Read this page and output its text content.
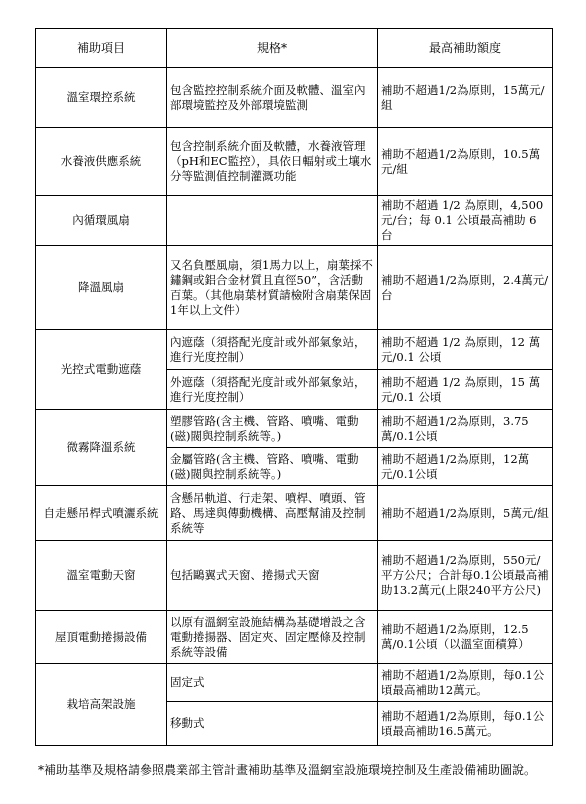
補助項目	規格*	最高補助額度
溫室環控系統	包含監控控制系統介面及軟體、溫室內部環境監控及外部環境監測	補助不超過1/2為原則，15萬元/組
水養液供應系統	包含控制系統介面及軟體，水養液管理（pH和EC監控），具依日輻射或土壤水分等監測值控制灌溉功能	補助不超過1/2為原則，10.5萬元/組
內循環風扇		補助不超過 1/2 為原則，4,500 元/台；每 0.1 公頃最高補助 6 台
降溫風扇	又名負壓風扇，須1馬力以上，扇葉採不鏽鋼或鋁合金材質且直徑50”，含活動百葉。（其他扇葉材質請檢附含扇葉保固1年以上文件）	補助不超過1/2為原則，2.4萬元/台
光控式電動遮蔭	內遮蔭（須搭配光度計或外部氣象站，進行光度控制）	補助不超過 1/2 為原則，12 萬元/0.1 公頃
	外遮蔭（須搭配光度計或外部氣象站，進行光度控制）	補助不超過 1/2 為原則，15 萬元/0.1 公頃
微霧降溫系統	塑膠管路(含主機、管路、噴嘴、電動(磁)閥與控制系統等。)	補助不超過1/2為原則，3.75萬/0.1公頃
	金屬管路(含主機、管路、噴嘴、電動(磁)閥與控制系統等。)	補助不超過1/2為原則，12萬元/0.1公頃
自走懸吊桿式噴灑系統	含懸吊軌道、行走架、噴桿、噴頭、管路、馬達與傳動機構、高壓幫浦及控制系統等	補助不超過1/2為原則，5萬元/組
溫室電動天窗	包括鷗翼式天窗、捲揚式天窗	補助不超過1/2為原則，550元/平方公尺；合計每0.1公頃最高補助13.2萬元(上限240平方公尺)
屋頂電動捲揚設備	以原有溫網室設施結構為基礎增設之含電動捲揚器、固定夾、固定壓條及控制系統等設備	補助不超過1/2為原則，12.5萬/0.1公頃（以溫室面積算）
栽培高架設施	固定式	補助不超過1/2為原則，每0.1公頃最高補助12萬元。
	移動式	補助不超過1/2為原則，每0.1公頃最高補助16.5萬元。
*補助基準及規格請參照農業部主管計畫補助基準及溫網室設施環境控制及生產設備補助圖說。
